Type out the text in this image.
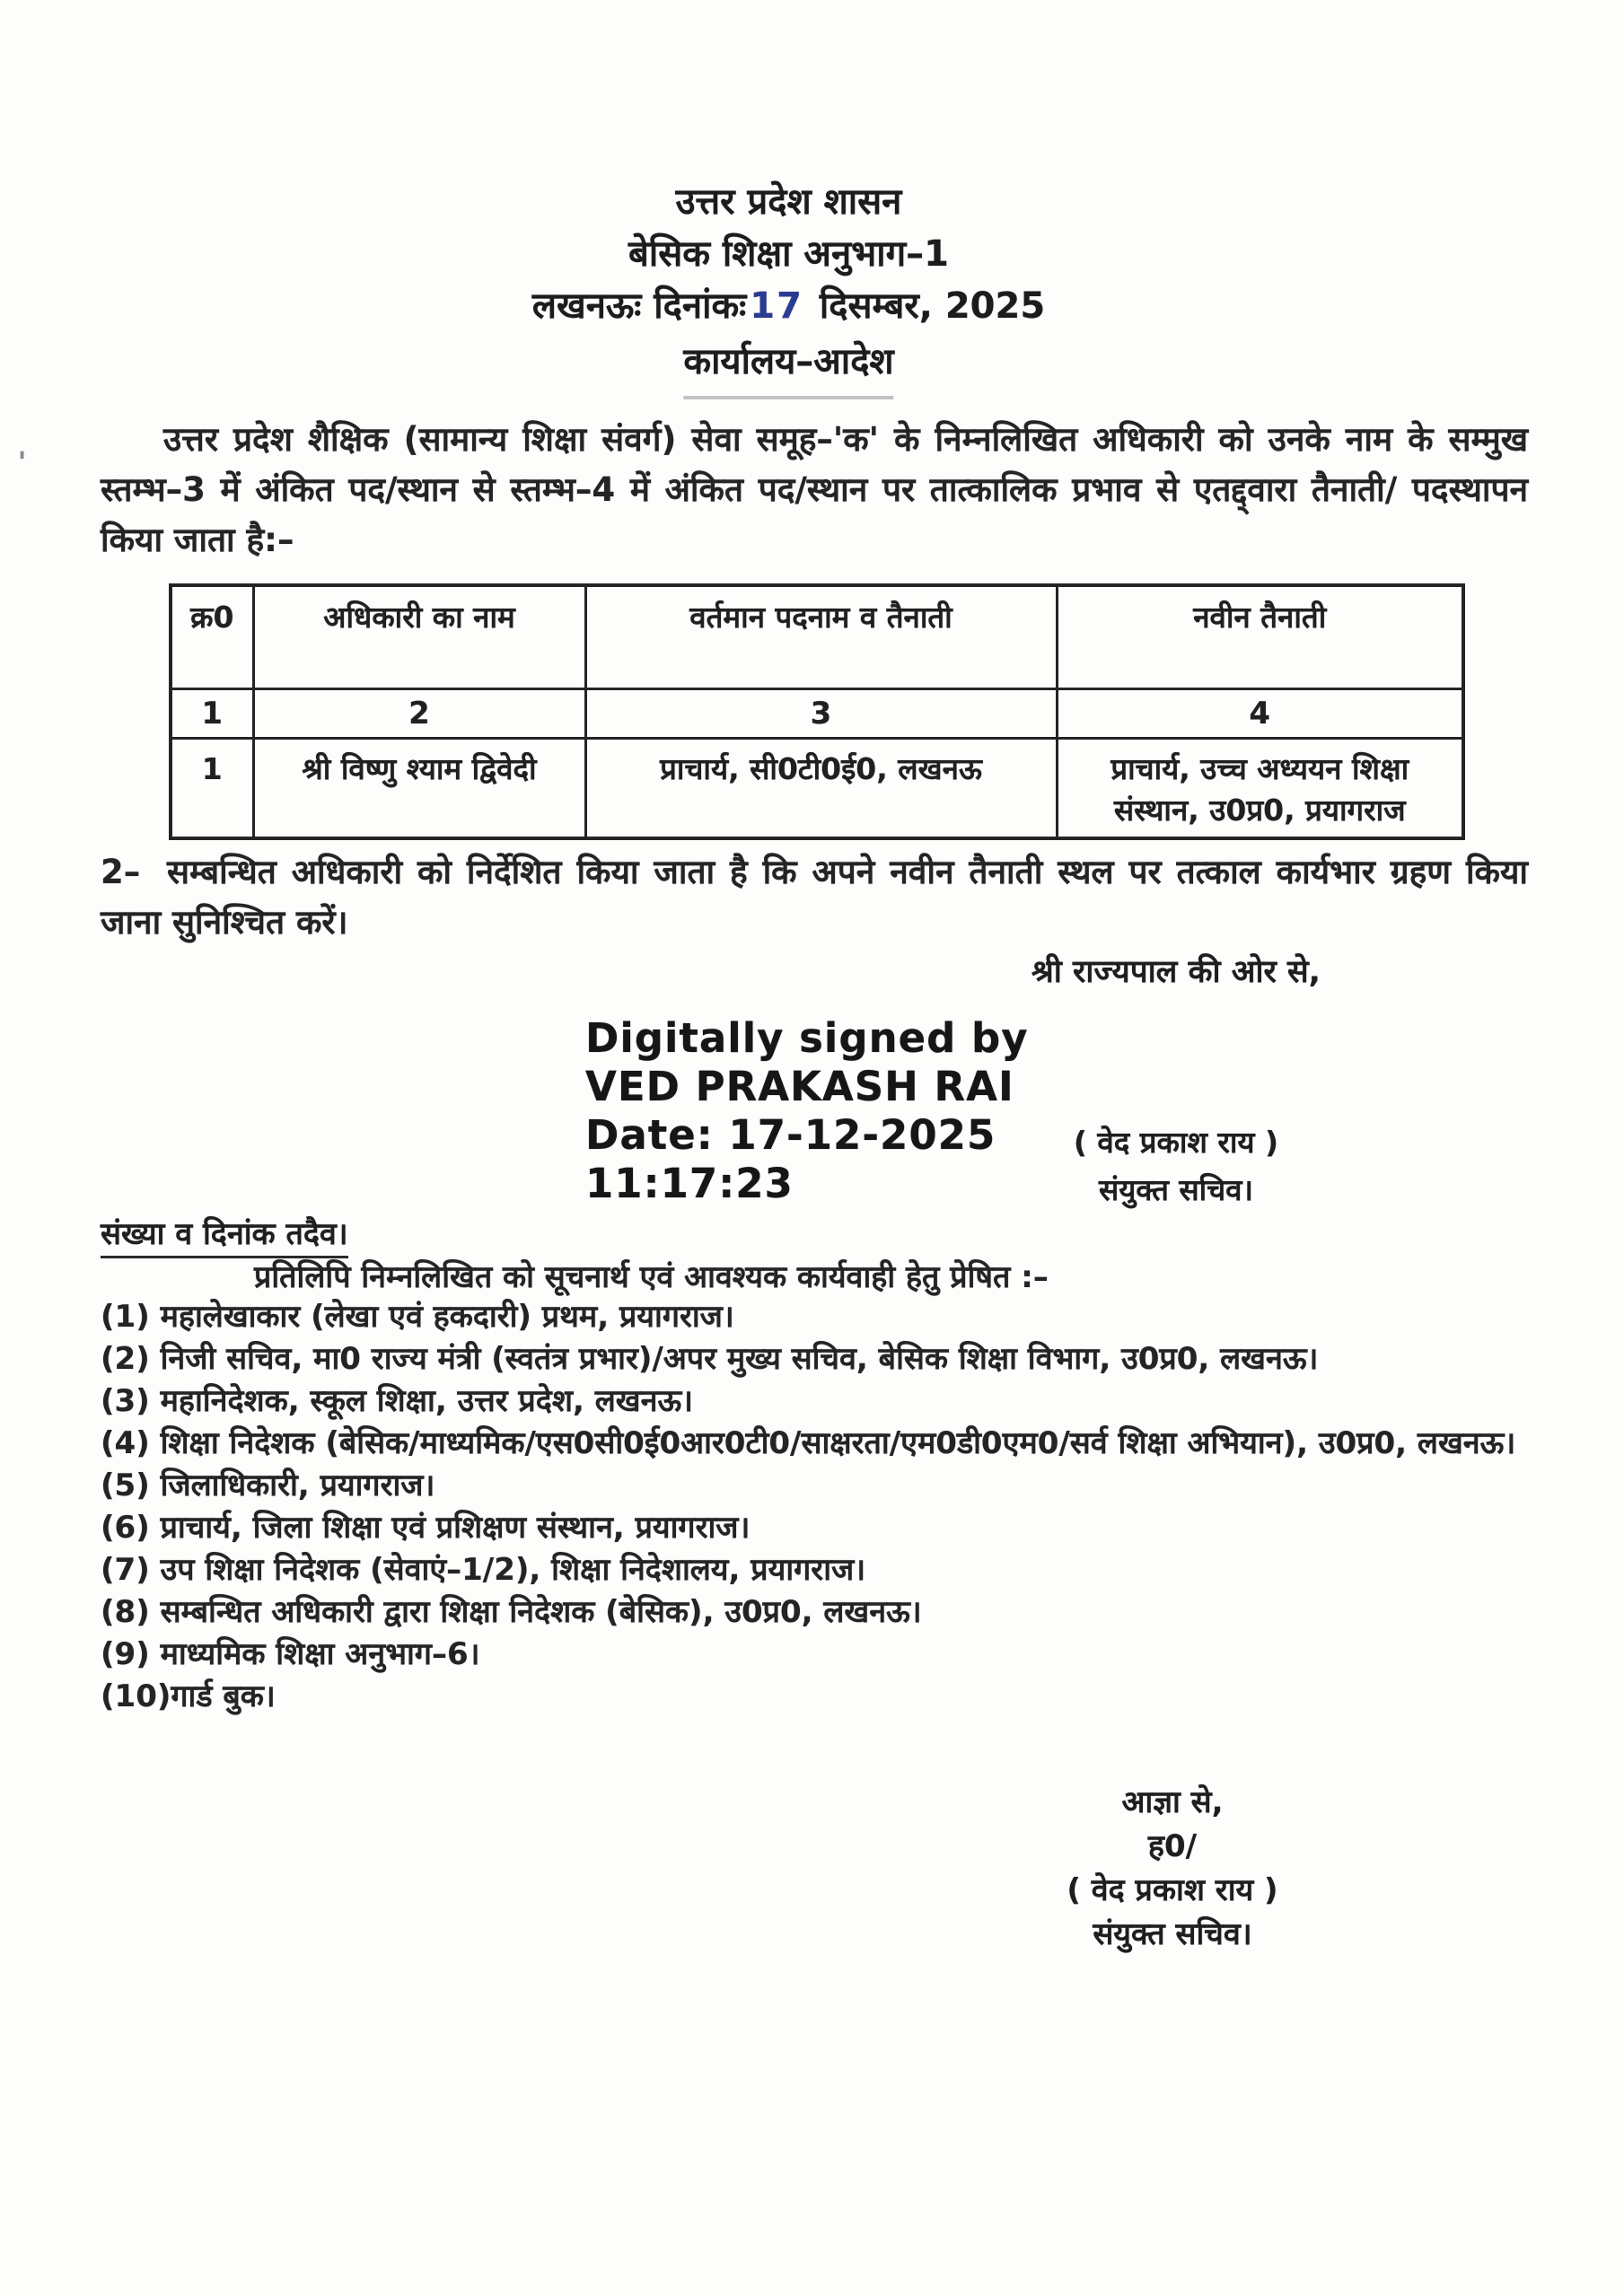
'
उत्तर प्रदेश शासन
बेसिक शिक्षा अनुभाग–1
लखनऊः दिनांकः 17 दिसम्बर, 2025
कार्यालय–आदेश
उत्तर प्रदेश शैक्षिक (सामान्य शिक्षा संवर्ग) सेवा समूह–'क' के निम्नलिखित अधिकारी को उनके नाम के सम्मुख स्तम्भ–3 में अंकित पद/स्थान से स्तम्भ–4 में अंकित पद/स्थान पर तात्कालिक प्रभाव से एतद्द्वारा तैनाती/ पदस्थापन किया जाता है:–
क्र0	अधिकारी का नाम	वर्तमान पदनाम व तैनाती	नवीन तैनाती
1	2	3	4
1	श्री विष्णु श्याम द्विवेदी	प्राचार्य, सी0टी0ई0, लखनऊ	प्राचार्य, उच्च अध्ययन शिक्षा संस्थान, उ0प्र0, प्रयागराज
2– सम्बन्धित अधिकारी को निर्देशित किया जाता है कि अपने नवीन तैनाती स्थल पर तत्काल कार्यभार ग्रहण किया जाना सुनिश्चित करें।
श्री राज्यपाल की ओर से,
Digitally signed by
VED PRAKASH RAI
Date: 17-12-2025
11:17:23
( वेद प्रकाश राय )
संयुक्त सचिव।
संख्या व दिनांक तदैव।
प्रतिलिपि निम्नलिखित को सूचनार्थ एवं आवश्यक कार्यवाही हेतु प्रेषित :–
(1) महालेखाकार (लेखा एवं हकदारी) प्रथम, प्रयागराज।
(2) निजी सचिव, मा0 राज्य मंत्री (स्वतंत्र प्रभार)/अपर मुख्य सचिव, बेसिक शिक्षा विभाग, उ0प्र0, लखनऊ।
(3) महानिदेशक, स्कूल शिक्षा, उत्तर प्रदेश, लखनऊ।
(4) शिक्षा निदेशक (बेसिक/माध्यमिक/एस0सी0ई0आर0टी0/साक्षरता/एम0डी0एम0/सर्व शिक्षा अभियान), उ0प्र0, लखनऊ।
(5) जिलाधिकारी, प्रयागराज।
(6) प्राचार्य, जिला शिक्षा एवं प्रशिक्षण संस्थान, प्रयागराज।
(7) उप शिक्षा निदेशक (सेवाएं–1/2), शिक्षा निदेशालय, प्रयागराज।
(8) सम्बन्धित अधिकारी द्वारा शिक्षा निदेशक (बेसिक), उ0प्र0, लखनऊ।
(9) माध्यमिक शिक्षा अनुभाग–6।
(10)गार्ड बुक।
आज्ञा से,
ह0/
( वेद प्रकाश राय )
संयुक्त सचिव।
